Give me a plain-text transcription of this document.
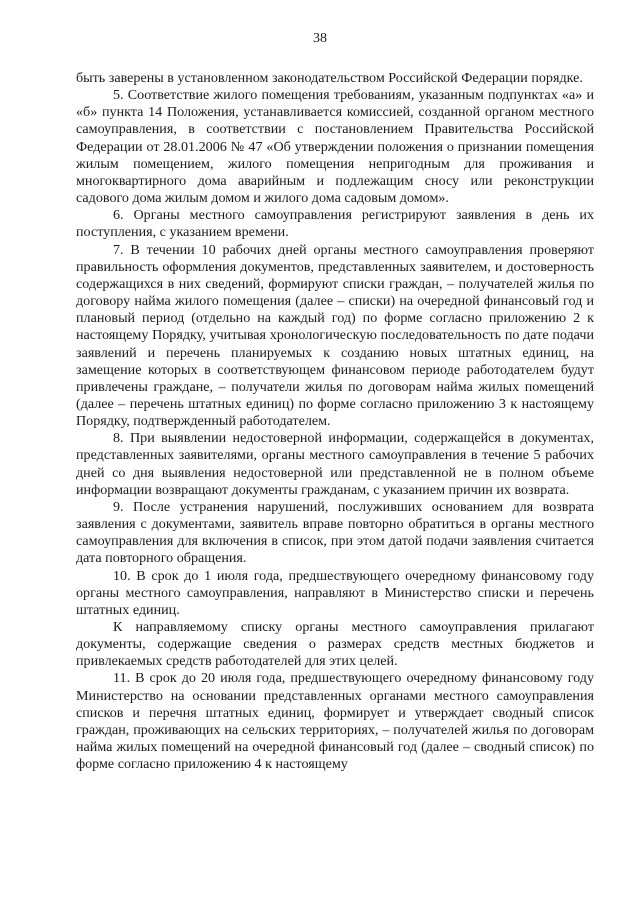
38

быть заверены в установленном законодательством Российской Федерации порядке.

5. Соответствие жилого помещения требованиям, указанным подпунктах «а» и «б» пункта 14 Положения, устанавливается комиссией, созданной органом местного самоуправления, в соответствии с постановлением Правительства Российской Федерации от 28.01.2006 № 47 «Об утверждении положения о признании помещения жилым помещением, жилого помещения непригодным для проживания и многоквартирного дома аварийным и подлежащим сносу или реконструкции садового дома жилым домом и жилого дома садовым домом».

6. Органы местного самоуправления регистрируют заявления в день их поступления, с указанием времени.

7. В течении 10 рабочих дней органы местного самоуправления проверяют правильность оформления документов, представленных заявителем, и достоверность содержащихся в них сведений, формируют списки граждан, – получателей жилья по договору найма жилого помещения (далее – списки) на очередной финансовый год и плановый период (отдельно на каждый год) по форме согласно приложению 2 к настоящему Порядку, учитывая хронологическую последовательность по дате подачи заявлений и перечень планируемых к созданию новых штатных единиц, на замещение которых в соответствующем финансовом периоде работодателем будут привлечены граждане, – получатели жилья по договорам найма жилых помещений (далее – перечень штатных единиц) по форме согласно приложению 3 к настоящему Порядку, подтвержденный работодателем.

8. При выявлении недостоверной информации, содержащейся в документах, представленных заявителями, органы местного самоуправления в течение 5 рабочих дней со дня выявления недостоверной или представленной не в полном объеме информации возвращают документы гражданам, с указанием причин их возврата.

9. После устранения нарушений, послуживших основанием для возврата заявления с документами, заявитель вправе повторно обратиться в органы местного самоуправления для включения в список, при этом датой подачи заявления считается дата повторного обращения.

10. В срок до 1 июля года, предшествующего очередному финансовому году органы местного самоуправления, направляют в Министерство списки и перечень штатных единиц.

К направляемому списку органы местного самоуправления прилагают документы, содержащие сведения о размерах средств местных бюджетов и привлекаемых средств работодателей для этих целей.

11. В срок до 20 июля года, предшествующего очередному финансовому году Министерство на основании представленных органами местного самоуправления списков и перечня штатных единиц, формирует и утверждает сводный список граждан, проживающих на сельских территориях, – получателей жилья по договорам найма жилых помещений на очередной финансовый год (далее – сводный список) по форме согласно приложению 4 к настоящему
